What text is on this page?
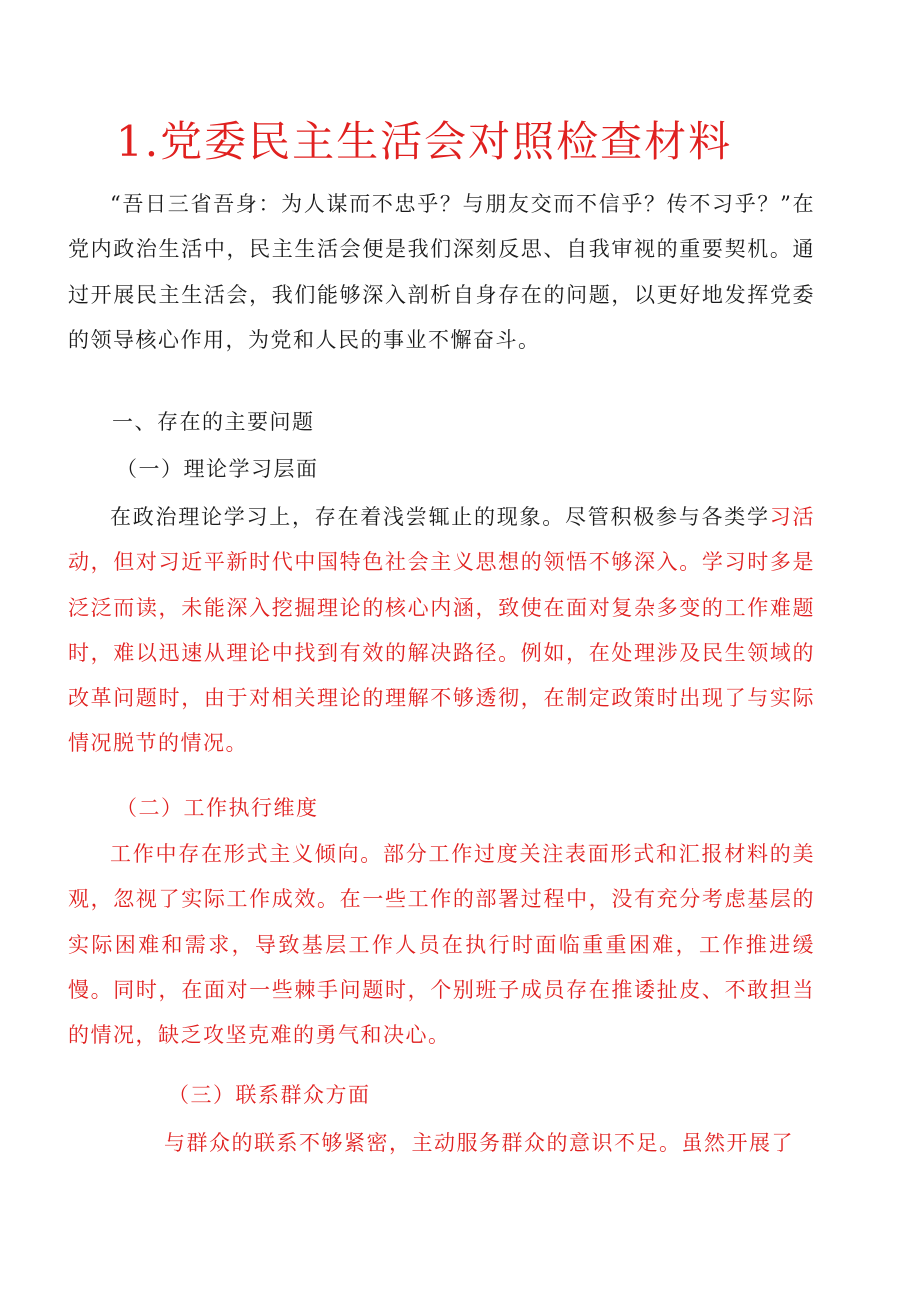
1.党委民主生活会对照检查材料

“吾日三省吾身：为人谋而不忠乎？与朋友交而不信乎？传不习乎？”在党内政治生活中，民主生活会便是我们深刻反思、自我审视的重要契机。通过开展民主生活会，我们能够深入剖析自身存在的问题，以更好地发挥党委的领导核心作用，为党和人民的事业不懈奋斗。

一、存在的主要问题
（一）理论学习层面

在政治理论学习上，存在着浅尝辄止的现象。尽管积极参与各类学习活动，但对习近平新时代中国特色社会主义思想的领悟不够深入。学习时多是泛泛而读，未能深入挖掘理论的核心内涵，致使在面对复杂多变的工作难题时，难以迅速从理论中找到有效的解决路径。例如，在处理涉及民生领域的改革问题时，由于对相关理论的理解不够透彻，在制定政策时出现了与实际情况脱节的情况。

（二）工作执行维度

工作中存在形式主义倾向。部分工作过度关注表面形式和汇报材料的美观，忽视了实际工作成效。在一些工作的部署过程中，没有充分考虑基层的实际困难和需求，导致基层工作人员在执行时面临重重困难，工作推进缓慢。同时，在面对一些棘手问题时，个别班子成员存在推诿扯皮、不敢担当的情况，缺乏攻坚克难的勇气和决心。

（三）联系群众方面

与群众的联系不够紧密，主动服务群众的意识不足。虽然开展了
